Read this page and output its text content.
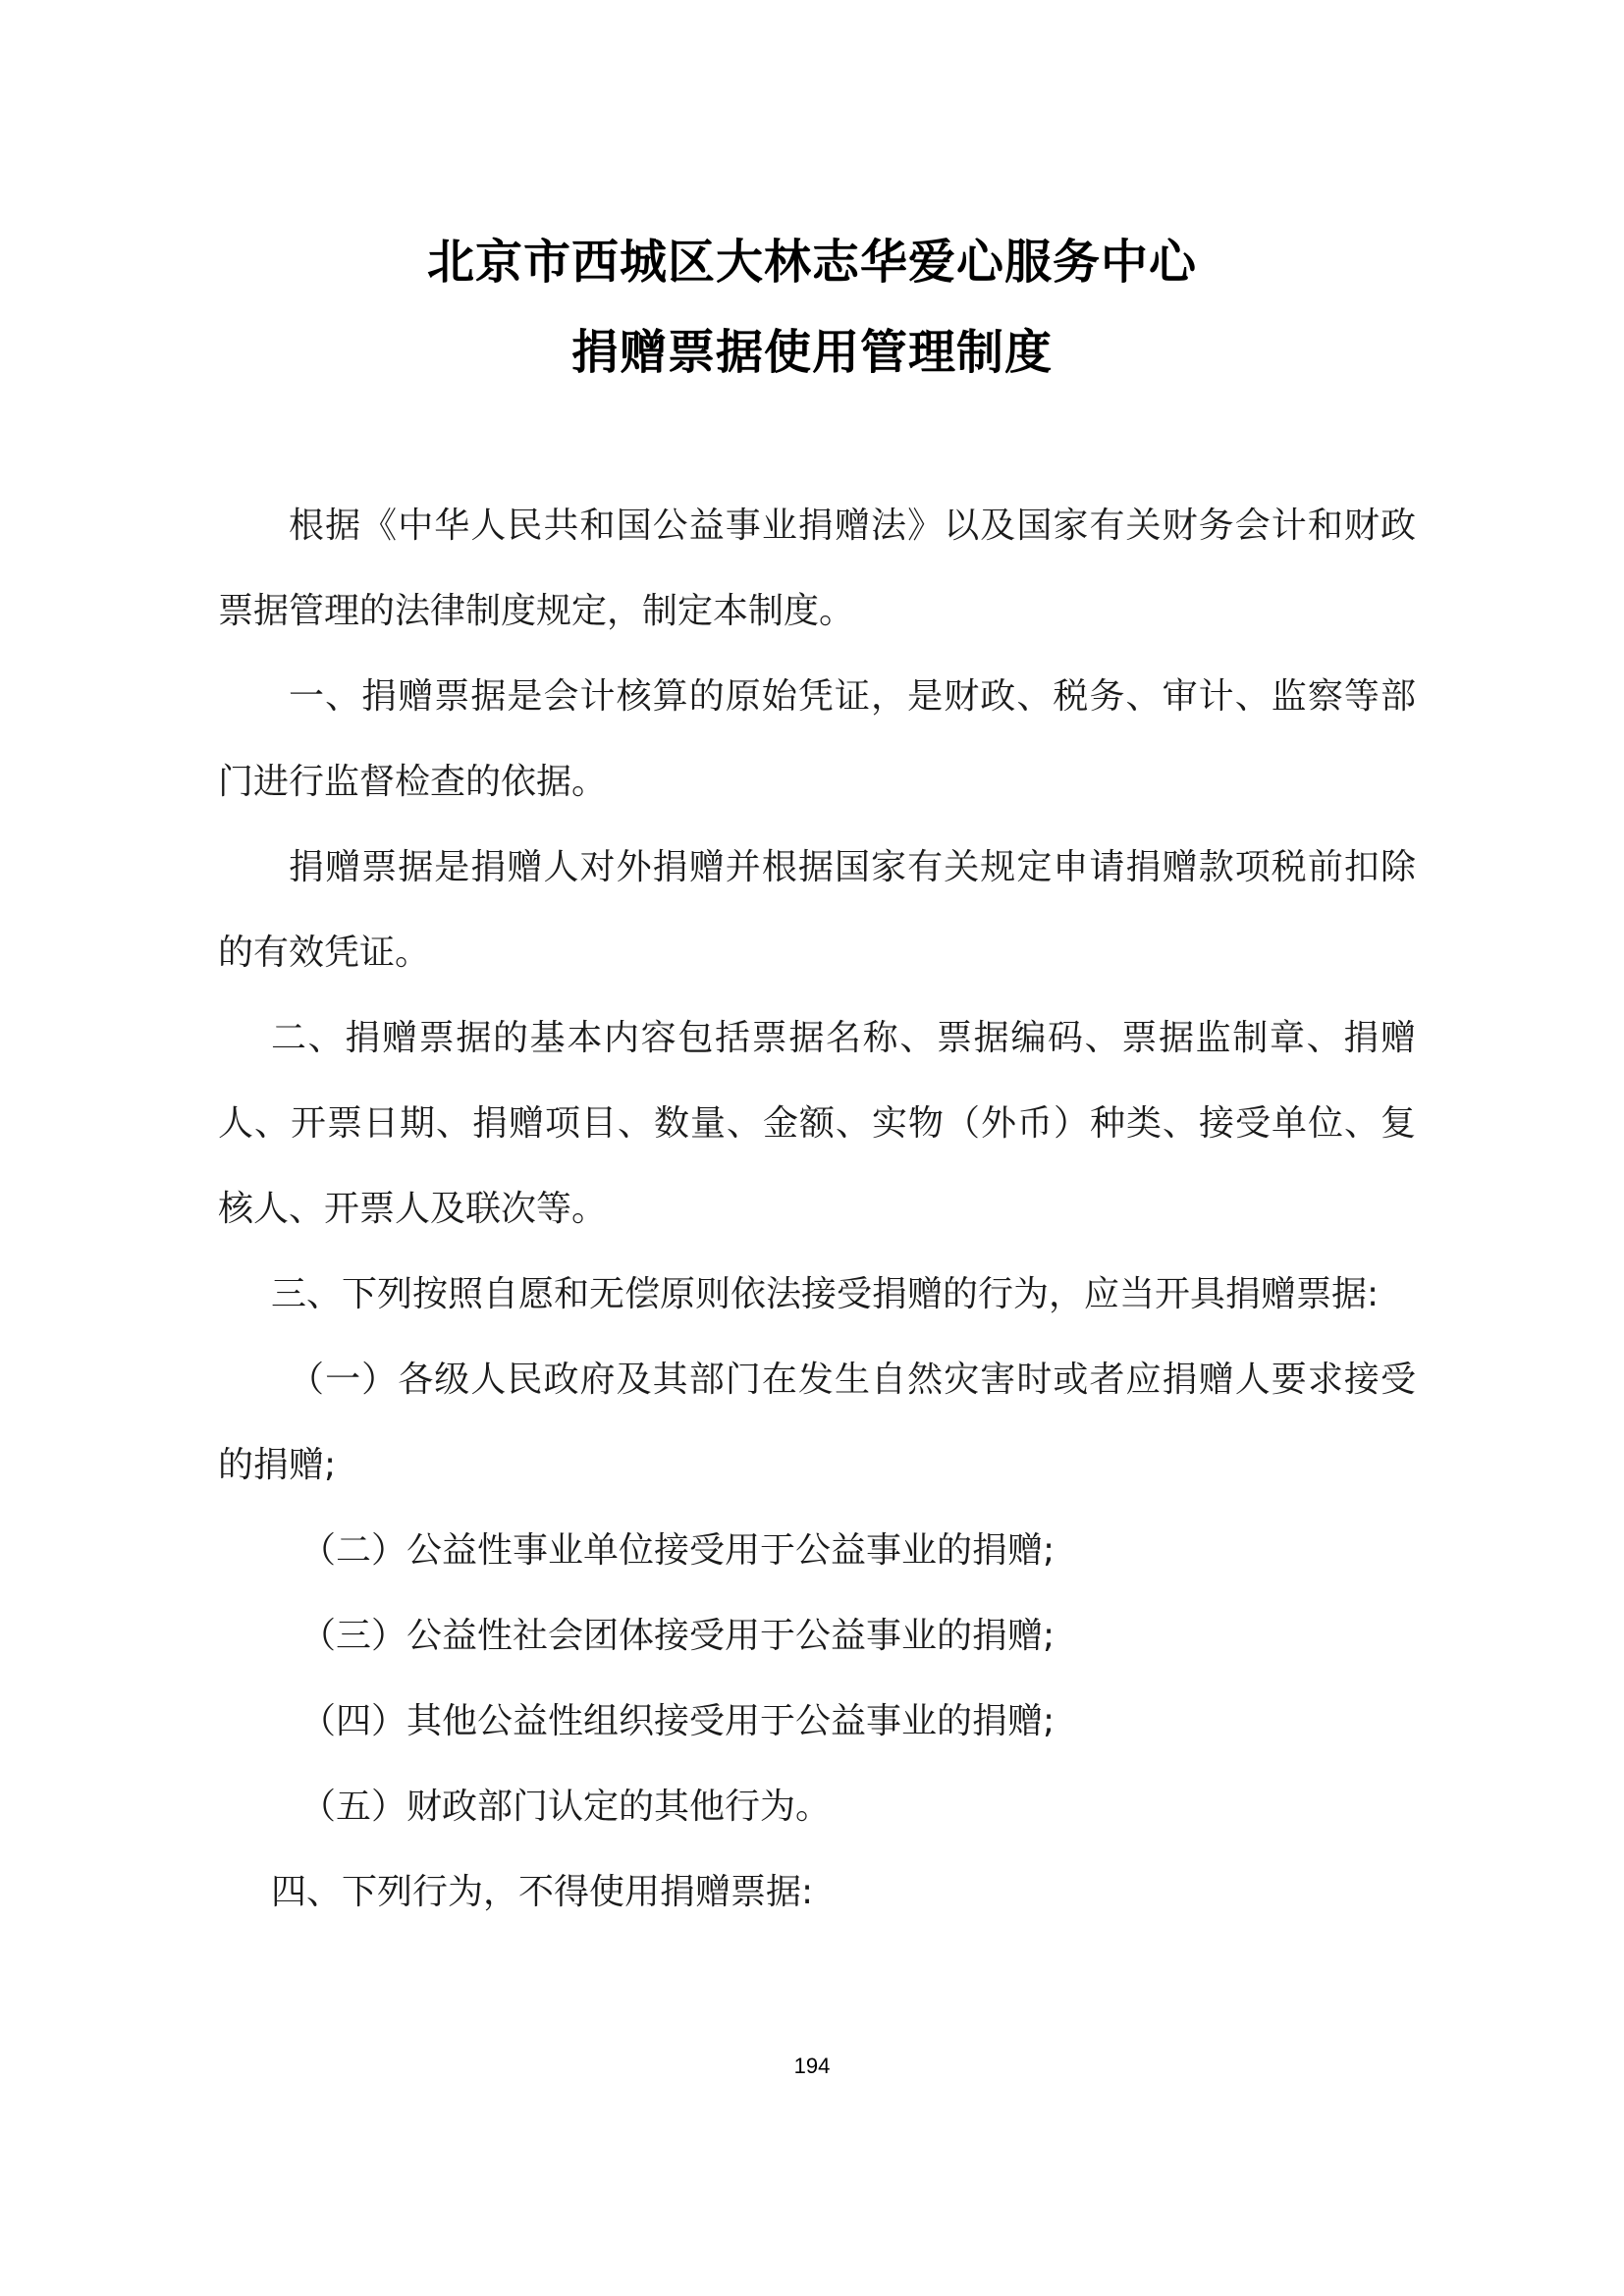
北京市西城区大林志华爱心服务中心
捐赠票据使用管理制度

根据《中华人民共和国公益事业捐赠法》以及国家有关财务会计和财政票据管理的法律制度规定，制定本制度。

一、捐赠票据是会计核算的原始凭证，是财政、税务、审计、监察等部门进行监督检查的依据。

捐赠票据是捐赠人对外捐赠并根据国家有关规定申请捐赠款项税前扣除的有效凭证。

二、捐赠票据的基本内容包括票据名称、票据编码、票据监制章、捐赠人、开票日期、捐赠项目、数量、金额、实物（外币）种类、接受单位、复核人、开票人及联次等。

三、下列按照自愿和无偿原则依法接受捐赠的行为，应当开具捐赠票据:

（一）各级人民政府及其部门在发生自然灾害时或者应捐赠人要求接受的捐赠;

（二）公益性事业单位接受用于公益事业的捐赠;

（三）公益性社会团体接受用于公益事业的捐赠;

（四）其他公益性组织接受用于公益事业的捐赠;

（五）财政部门认定的其他行为。

四、下列行为，不得使用捐赠票据:

194
